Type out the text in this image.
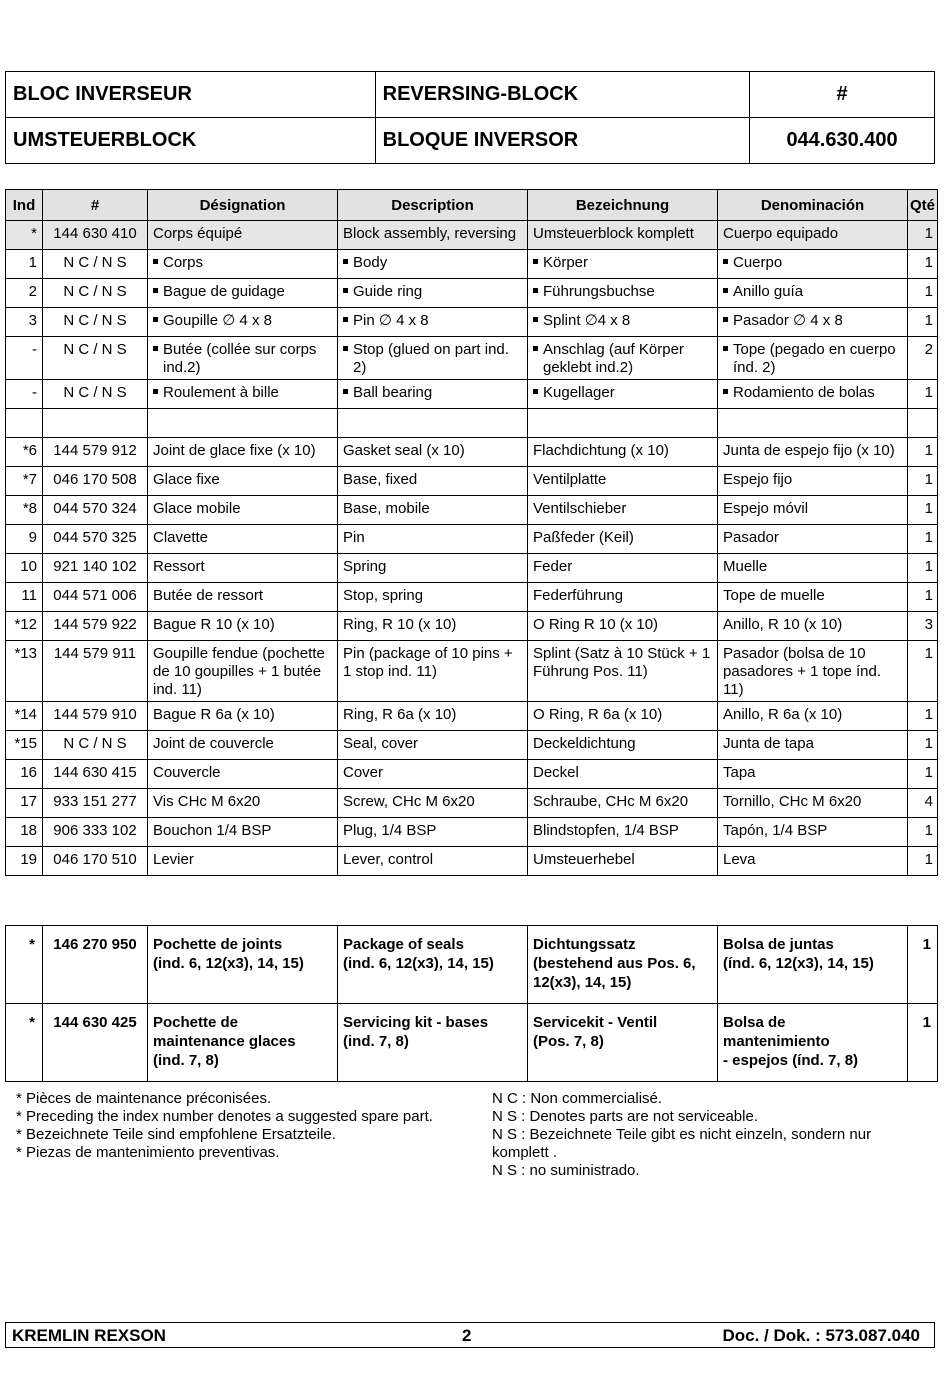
BLOC INVERSEUR	REVERSING-BLOCK	#
UMSTEUERBLOCK	BLOQUE INVERSOR	044.630.400
Ind	#	Désignation	Description	Bezeichnung	Denominación	Qté
*	144 630 410	Corps équipé	Block assembly, reversing	Umsteuerblock komplett	Cuerpo equipado	1
1	N C / N S	Corps	Body	Körper	Cuerpo	1
2	N C / N S	Bague de guidage	Guide ring	Führungsbuchse	Anillo guía	1
3	N C / N S	Goupille ∅ 4 x 8	Pin ∅ 4 x 8	Splint ∅4 x 8	Pasador ∅ 4 x 8	1
-	N C / N S	Butée (collée sur corps ind.2)	Stop (glued on part ind. 2)	Anschlag (auf Körper geklebt ind.2)	Tope (pegado en cuerpo índ. 2)	2
-	N C / N S	Roulement à bille	Ball bearing	Kugellager	Rodamiento de bolas	1

*6	144 579 912	Joint de glace fixe (x 10)	Gasket seal (x 10)	Flachdichtung (x 10)	Junta de espejo fijo (x 10)	1
*7	046 170 508	Glace fixe	Base, fixed	Ventilplatte	Espejo fijo	1
*8	044 570 324	Glace mobile	Base, mobile	Ventilschieber	Espejo móvil	1
9	044 570 325	Clavette	Pin	Paßfeder (Keil)	Pasador	1
10	921 140 102	Ressort	Spring	Feder	Muelle	1
11	044 571 006	Butée de ressort	Stop, spring	Federführung	Tope de muelle	1
*12	144 579 922	Bague R 10 (x 10)	Ring, R 10 (x 10)	O Ring R 10 (x 10)	Anillo, R 10 (x 10)	3
*13	144 579 911	Goupille fendue (pochette de 10 goupilles + 1 butée ind. 11)	Pin (package of 10 pins + 1 stop ind. 11)	Splint (Satz à 10 Stück + 1 Führung Pos. 11)	Pasador (bolsa de 10 pasadores + 1 tope índ. 11)	1
*14	144 579 910	Bague R 6a (x 10)	Ring, R 6a (x 10)	O Ring, R 6a (x 10)	Anillo, R 6a (x 10)	1
*15	N C / N S	Joint de couvercle	Seal, cover	Deckeldichtung	Junta de tapa	1
16	144 630 415	Couvercle	Cover	Deckel	Tapa	1
17	933 151 277	Vis CHc M 6x20	Screw, CHc M 6x20	Schraube, CHc M 6x20	Tornillo, CHc M 6x20	4
18	906 333 102	Bouchon 1/4 BSP	Plug, 1/4 BSP	Blindstopfen, 1/4 BSP	Tapón, 1/4 BSP	1
19	046 170 510	Levier	Lever, control	Umsteuerhebel	Leva	1
*	146 270 950	Pochette de joints
(ind. 6, 12(x3), 14, 15)	Package of seals
(ind. 6, 12(x3), 14, 15)	Dichtungssatz
(bestehend aus Pos. 6,
12(x3), 14, 15)	Bolsa de juntas
(índ. 6, 12(x3), 14, 15)	1
*	144 630 425	Pochette de
maintenance glaces
(ind. 7, 8)	Servicing kit - bases
(ind. 7, 8)	Servicekit - Ventil
(Pos. 7, 8)	Bolsa de
mantenimiento
- espejos (índ. 7, 8)	1
* Pièces de maintenance préconisées.
* Preceding the index number denotes a suggested spare part.
* Bezeichnete Teile sind empfohlene Ersatzteile.
* Piezas de mantenimiento preventivas.
N C : Non commercialisé.
N S : Denotes parts are not serviceable.
N S : Bezeichnete Teile gibt es nicht einzeln, sondern nur komplett .
N S : no suministrado.
KREMLIN REXSON	2	Doc. / Dok. : 573.087.040
